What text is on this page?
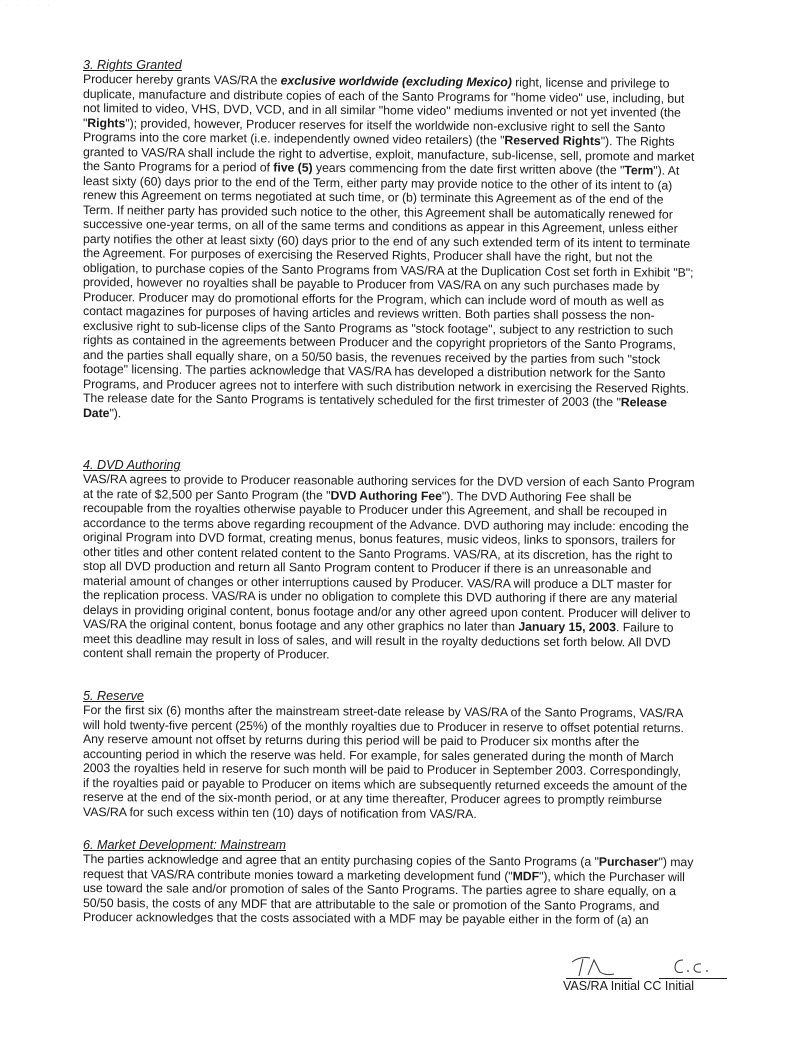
· · · · ·
3. Rights Granted
Producer hereby grants VAS/RA the exclusive worldwide (excluding Mexico) right, license and privilege to
duplicate, manufacture and distribute copies of each of the Santo Programs for "home video" use, including, but
not limited to video, VHS, DVD, VCD, and in all similar "home video" mediums invented or not yet invented (the
"Rights"); provided, however, Producer reserves for itself the worldwide non-exclusive right to sell the Santo
Programs into the core market (i.e. independently owned video retailers) (the "Reserved Rights"). The Rights
granted to VAS/RA shall include the right to advertise, exploit, manufacture, sub-license, sell, promote and market
the Santo Programs for a period of five (5) years commencing from the date first written above (the "Term"). At
least sixty (60) days prior to the end of the Term, either party may provide notice to the other of its intent to (a)
renew this Agreement on terms negotiated at such time, or (b) terminate this Agreement as of the end of the
Term. If neither party has provided such notice to the other, this Agreement shall be automatically renewed for
successive one-year terms, on all of the same terms and conditions as appear in this Agreement, unless either
party notifies the other at least sixty (60) days prior to the end of any such extended term of its intent to terminate
the Agreement. For purposes of exercising the Reserved Rights, Producer shall have the right, but not the
obligation, to purchase copies of the Santo Programs from VAS/RA at the Duplication Cost set forth in Exhibit "B";
provided, however no royalties shall be payable to Producer from VAS/RA on any such purchases made by
Producer. Producer may do promotional efforts for the Program, which can include word of mouth as well as
contact magazines for purposes of having articles and reviews written. Both parties shall possess the non-
exclusive right to sub-license clips of the Santo Programs as "stock footage", subject to any restriction to such
rights as contained in the agreements between Producer and the copyright proprietors of the Santo Programs,
and the parties shall equally share, on a 50/50 basis, the revenues received by the parties from such "stock
footage" licensing. The parties acknowledge that VAS/RA has developed a distribution network for the Santo
Programs, and Producer agrees not to interfere with such distribution network in exercising the Reserved Rights.
The release date for the Santo Programs is tentatively scheduled for the first trimester of 2003 (the "Release
Date").
4. DVD Authoring
VAS/RA agrees to provide to Producer reasonable authoring services for the DVD version of each Santo Program
at the rate of $2,500 per Santo Program (the "DVD Authoring Fee"). The DVD Authoring Fee shall be
recoupable from the royalties otherwise payable to Producer under this Agreement, and shall be recouped in
accordance to the terms above regarding recoupment of the Advance. DVD authoring may include: encoding the
original Program into DVD format, creating menus, bonus features, music videos, links to sponsors, trailers for
other titles and other content related content to the Santo Programs. VAS/RA, at its discretion, has the right to
stop all DVD production and return all Santo Program content to Producer if there is an unreasonable and
material amount of changes or other interruptions caused by Producer. VAS/RA will produce a DLT master for
the replication process. VAS/RA is under no obligation to complete this DVD authoring if there are any material
delays in providing original content, bonus footage and/or any other agreed upon content. Producer will deliver to
VAS/RA the original content, bonus footage and any other graphics no later than January 15, 2003. Failure to
meet this deadline may result in loss of sales, and will result in the royalty deductions set forth below. All DVD
content shall remain the property of Producer.
5. Reserve
For the first six (6) months after the mainstream street-date release by VAS/RA of the Santo Programs, VAS/RA
will hold twenty-five percent (25%) of the monthly royalties due to Producer in reserve to offset potential returns.
Any reserve amount not offset by returns during this period will be paid to Producer six months after the
accounting period in which the reserve was held. For example, for sales generated during the month of March
2003 the royalties held in reserve for such month will be paid to Producer in September 2003. Correspondingly,
if the royalties paid or payable to Producer on items which are subsequently returned exceeds the amount of the
reserve at the end of the six-month period, or at any time thereafter, Producer agrees to promptly reimburse
VAS/RA for such excess within ten (10) days of notification from VAS/RA.
6. Market Development: Mainstream
The parties acknowledge and agree that an entity purchasing copies of the Santo Programs (a "Purchaser") may
request that VAS/RA contribute monies toward a marketing development fund ("MDF"), which the Purchaser will
use toward the sale and/or promotion of sales of the Santo Programs. The parties agree to share equally, on a
50/50 basis, the costs of any MDF that are attributable to the sale or promotion of the Santo Programs, and
Producer acknowledges that the costs associated with a MDF may be payable either in the form of (a) an
VAS/RA Initial CC Initial
